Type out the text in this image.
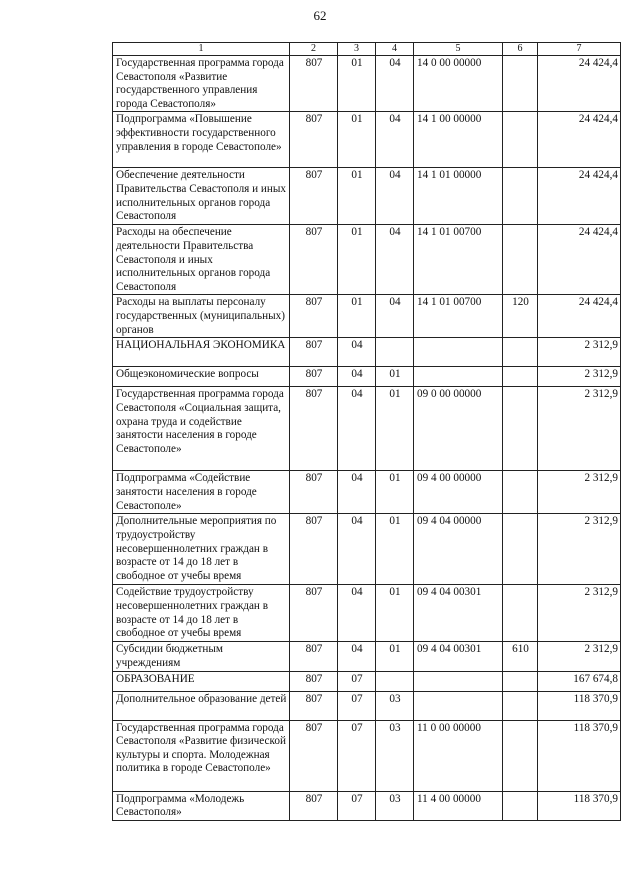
62
1	2	3	4	5	6	7
Государственная программа города Севастополя «Развитие государственного управления города Севастополя»	807	01	04	14 0 00 00000		24 424,4
Подпрограмма «Повышение эффективности государственного управления в городе Севастополе»	807	01	04	14 1 00 00000		24 424,4
Обеспечение деятельности Правительства Севастополя и иных исполнительных органов города Севастополя	807	01	04	14 1 01 00000		24 424,4
Расходы на обеспечение деятельности Правительства Севастополя и иных исполнительных органов города Севастополя	807	01	04	14 1 01 00700		24 424,4
Расходы на выплаты персоналу государственных (муниципальных) органов	807	01	04	14 1 01 00700	120	24 424,4
НАЦИОНАЛЬНАЯ ЭКОНОМИКА	807	04				2 312,9
Общеэкономические вопросы	807	04	01			2 312,9
Государственная программа города Севастополя «Социальная защита, охрана труда и содействие занятости населения в городе Севастополе»	807	04	01	09 0 00 00000		2 312,9
Подпрограмма «Содействие занятости населения в городе Севастополе»	807	04	01	09 4 00 00000		2 312,9
Дополнительные мероприятия по трудоустройству несовершеннолетних граждан в возрасте от 14 до 18 лет в свободное от учебы время	807	04	01	09 4 04 00000		2 312,9
Содействие трудоустройству несовершеннолетних граждан в возрасте от 14 до 18 лет в свободное от учебы время	807	04	01	09 4 04 00301		2 312,9
Субсидии бюджетным учреждениям	807	04	01	09 4 04 00301	610	2 312,9
ОБРАЗОВАНИЕ	807	07				167 674,8
Дополнительное образование детей	807	07	03			118 370,9
Государственная программа города Севастополя «Развитие физической культуры и спорта. Молодежная политика в городе Севастополе»	807	07	03	11 0 00 00000		118 370,9
Подпрограмма «Молодежь Севастополя»	807	07	03	11 4 00 00000		118 370,9
